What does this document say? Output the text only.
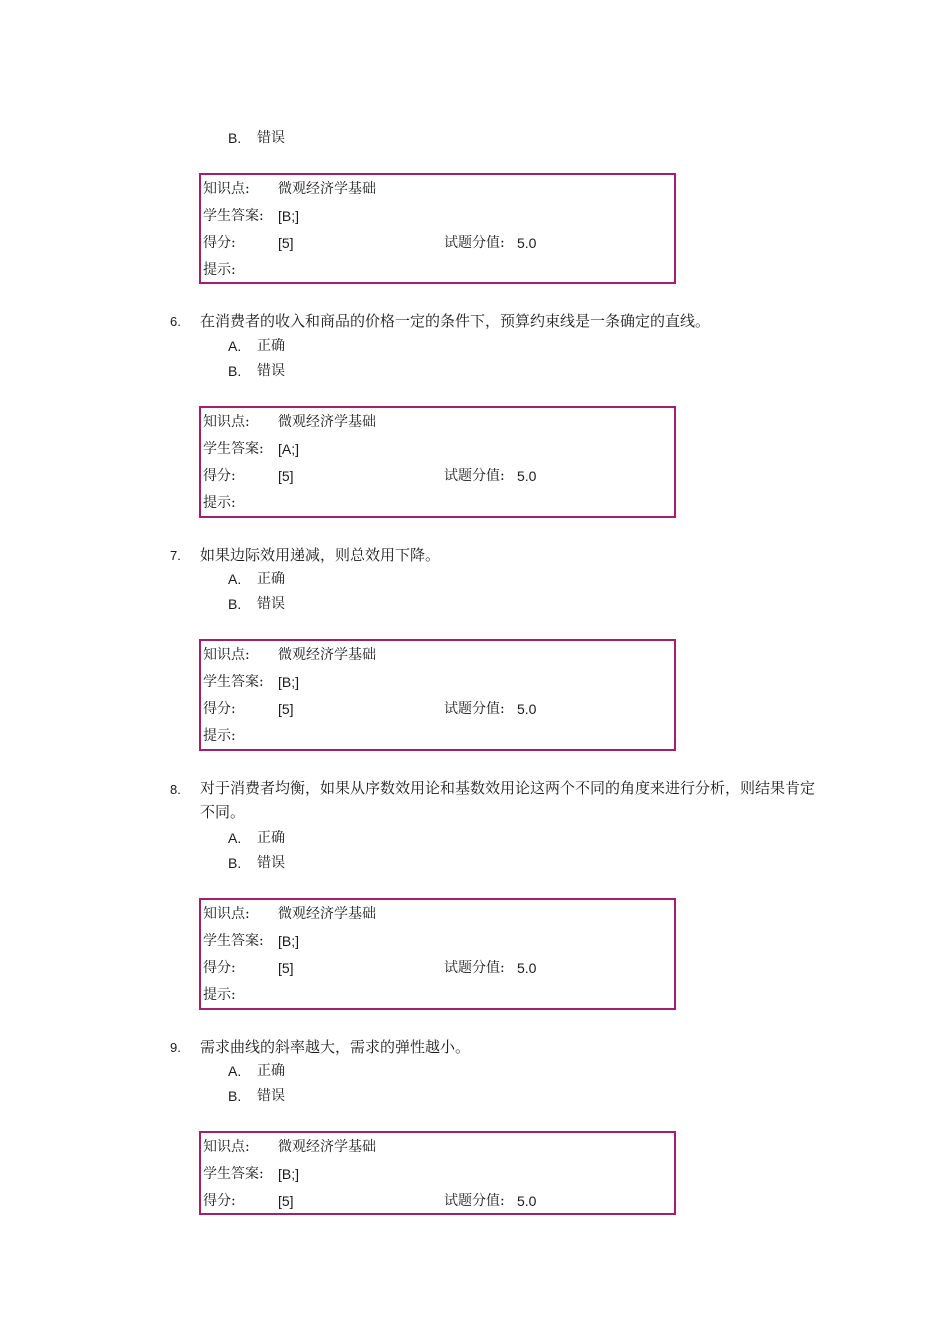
B. 错误
知识点: 微观经济学基础
学生答案: [B;]
得分:	[5]	试题分值: 5.0
提示:
6. 在消费者的收入和商品的价格一定的条件下，预算约束线是一条确定的直线。
A. 正确
B. 错误
知识点: 微观经济学基础
学生答案: [A;]
得分:	[5]	试题分值: 5.0
提示:
7. 如果边际效用递减，则总效用下降。
A. 正确
B. 错误
知识点: 微观经济学基础
学生答案: [B;]
得分:	[5]	试题分值: 5.0
提示:
8. 对于消费者均衡，如果从序数效用论和基数效用论这两个不同的角度来进行分析，则结果肯定不同。
A. 正确
B. 错误
知识点: 微观经济学基础
学生答案: [B;]
得分:	[5]	试题分值: 5.0
提示:
9. 需求曲线的斜率越大，需求的弹性越小。
A. 正确
B. 错误
知识点: 微观经济学基础
学生答案: [B;]
得分:	[5]	试题分值: 5.0
